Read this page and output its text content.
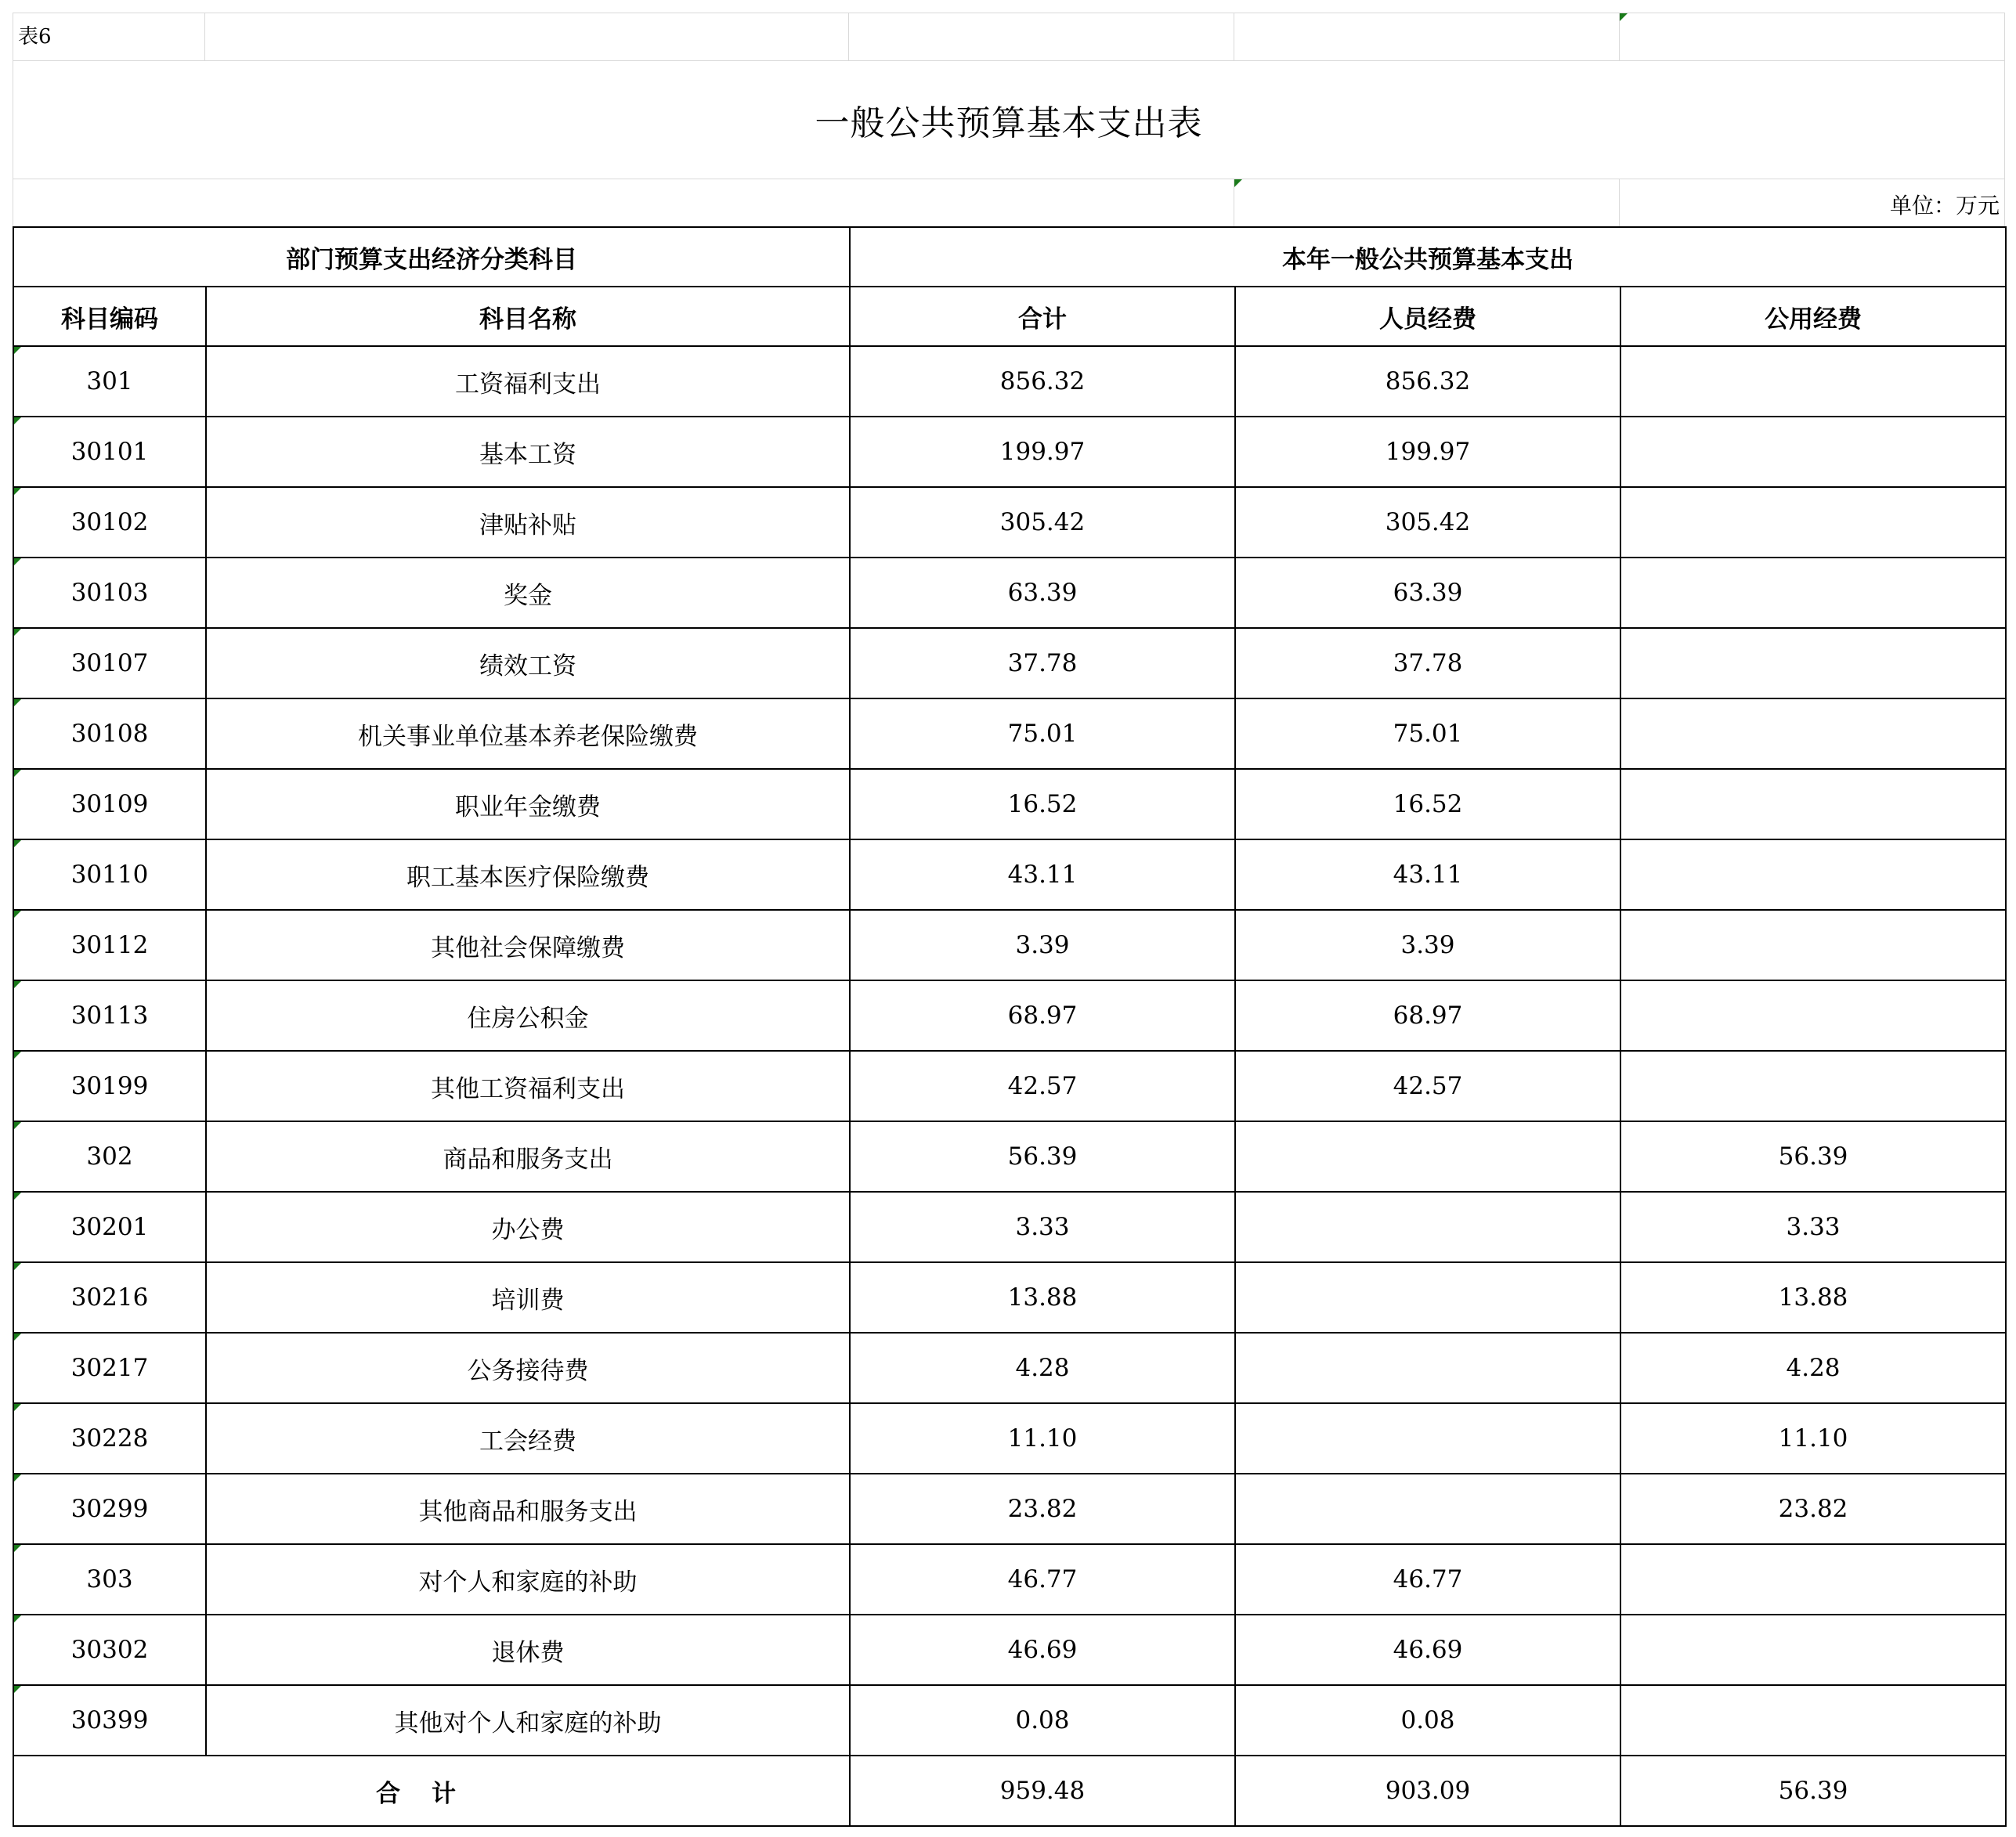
表6
一般公共预算基本支出表
单位：万元
部门预算支出经济分类科目		本年一般公共预算基本支出		
科目编码	科目名称	合计	人员经费	公用经费

301	工资福利支出	856.32	856.32	

30101	基本工资	199.97	199.97	

30102	津贴补贴	305.42	305.42	

30103	奖金	63.39	63.39	

30107	绩效工资	37.78	37.78	

30108	机关事业单位基本养老保险缴费	75.01	75.01	

30109	职业年金缴费	16.52	16.52	

30110	职工基本医疗保险缴费	43.11	43.11	

30112	其他社会保障缴费	3.39	3.39	

30113	住房公积金	68.97	68.97	

30199	其他工资福利支出	42.57	42.57	

302	商品和服务支出	56.39		56.39

30201	办公费	3.33		3.33

30216	培训费	13.88		13.88

30217	公务接待费	4.28		4.28

30228	工会经费	11.10		11.10

30299	其他商品和服务支出	23.82		23.82

303	对个人和家庭的补助	46.77	46.77	

30302	退休费	46.69	46.69	

30399	其他对个人和家庭的补助	0.08	0.08	
合计		959.48	903.09	56.39
